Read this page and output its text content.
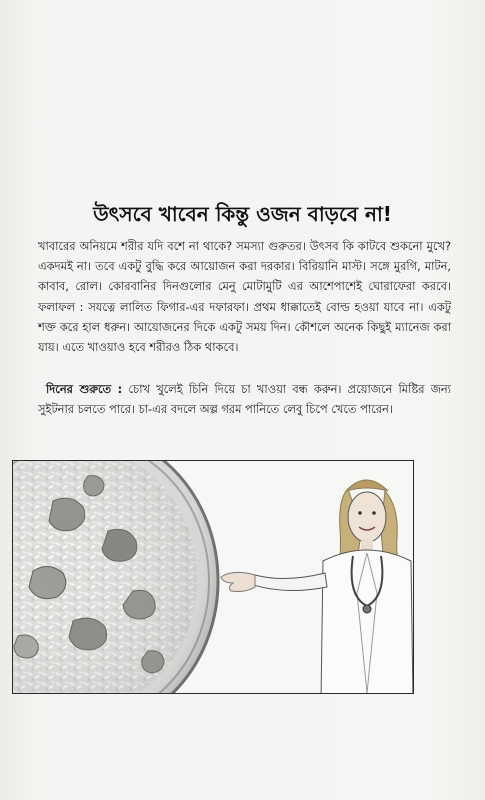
উৎসবে খাবেন কিন্তু ওজন বাড়বে না!
খাবারের অনিয়মে শরীর যদি বশে না থাকে? সমস্যা গুরুতর। উৎসব কি কাটবে শুকনো মুখে? একদমই না। তবে একটু বুদ্ধি করে আয়োজন করা দরকার। বিরিয়ানি মাস্ট। সঙ্গে মুরগি, মাটন, কাবাব, রোল। কোরবানির দিনগুলোর মেনু মোটামুটি এর আশেপাশেই ঘোরাফেরা করবে। ফলাফল : সযত্নে লালিত ফিগার-এর দফারফা। প্রথম ধাক্কাতেই বোল্ড হওয়া যাবে না। একটু শক্ত করে হাল ধরুন। আয়োজনের দিকে একটু সময় দিন। কৌশলে অনেক কিছুই ম্যানেজ করা যায়। এতে খাওয়াও হবে শরীরও ঠিক থাকবে।
দিনের শুরুতে : চোখ খুলেই চিনি দিয়ে চা খাওয়া বন্ধ করুন। প্রয়োজনে মিষ্টির জন্য সুইটনার চলতে পারে। চা-এর বদলে অল্প গরম পানিতে লেবু চিপে খেতে পারেন।
